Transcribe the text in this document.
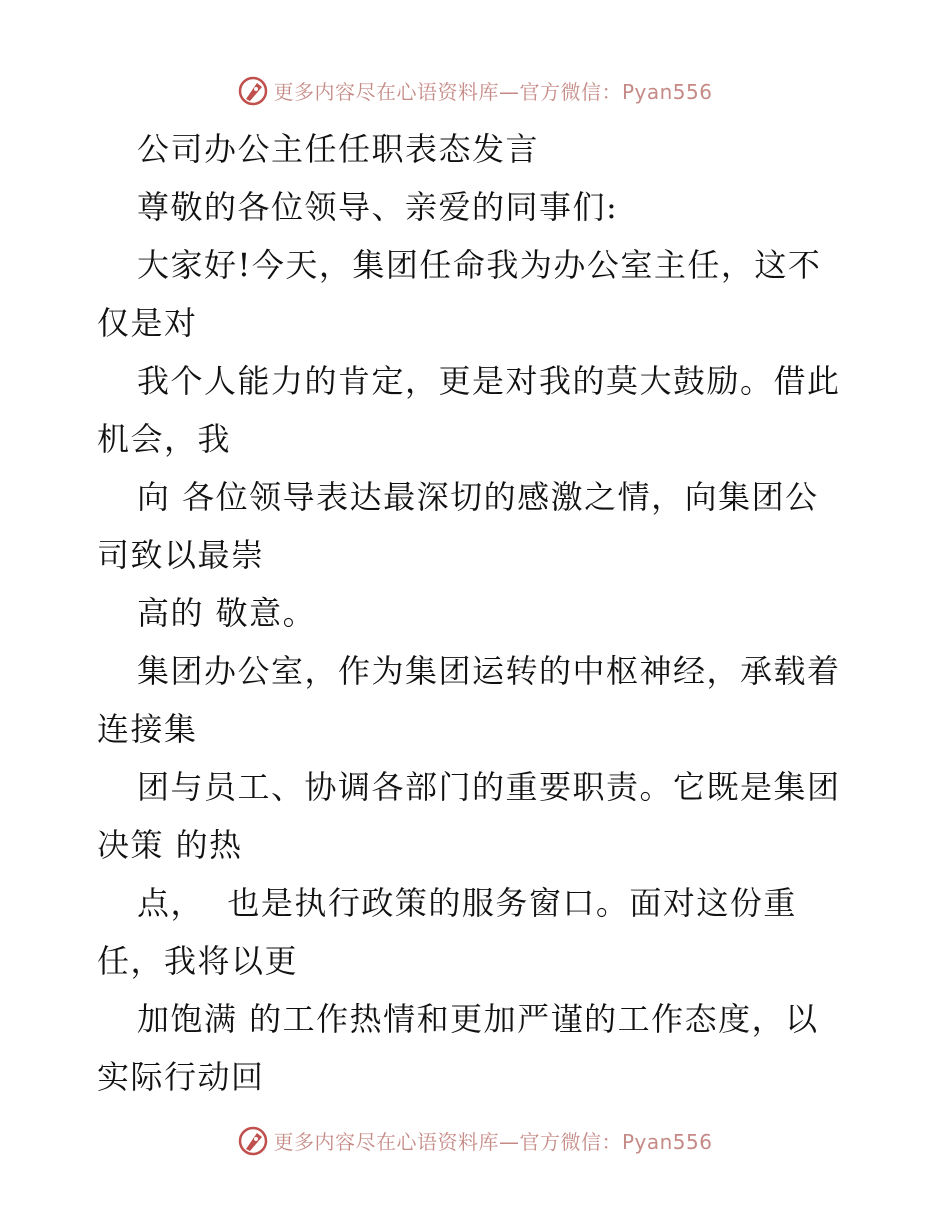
更多内容尽在心语资料库—官方微信：Pyan556
公司办公主任任职表态发言
尊敬的各位领导、亲爱的同事们:
大家好!今天，集团任命我为办公室主任，这不
仅是对
我个人能力的肯定，更是对我的莫大鼓励。借此
机会，我
向 各位领导表达最深切的感激之情，向集团公
司致以最崇
高的 敬意。
集团办公室，作为集团运转的中枢神经，承载着
连接集
团与员工、协调各部门的重要职责。它既是集团
决策 的热
点，  也是执行政策的服务窗口。面对这份重
任，我将以更
加饱满 的工作热情和更加严谨的工作态度，以
实际行动回
更多内容尽在心语资料库—官方微信：Pyan556
